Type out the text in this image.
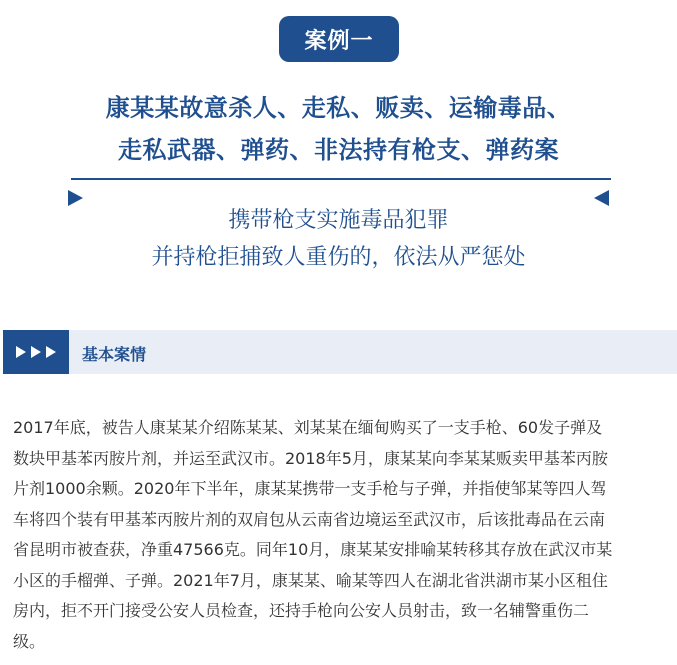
案例一
康某某故意杀人、走私、贩卖、运输毒品、
走私武器、弹药、非法持有枪支、弹药案
携带枪支实施毒品犯罪
并持枪拒捕致人重伤的，依法从严惩处
基本案情
2017年底，被告人康某某介绍陈某某、刘某某在缅甸购买了一支手枪、60发子弹及
数块甲基苯丙胺片剂，并运至武汉市。2018年5月，康某某向李某某贩卖甲基苯丙胺
片剂1000余颗。2020年下半年，康某某携带一支手枪与子弹，并指使邹某等四人驾
车将四个装有甲基苯丙胺片剂的双肩包从云南省边境运至武汉市，后该批毒品在云南
省昆明市被查获，净重47566克。同年10月，康某某安排喻某转移其存放在武汉市某
小区的手榴弹、子弹。2021年7月，康某某、喻某等四人在湖北省洪湖市某小区租住
房内，拒不开门接受公安人员检查，还持手枪向公安人员射击，致一名辅警重伤二
级。
